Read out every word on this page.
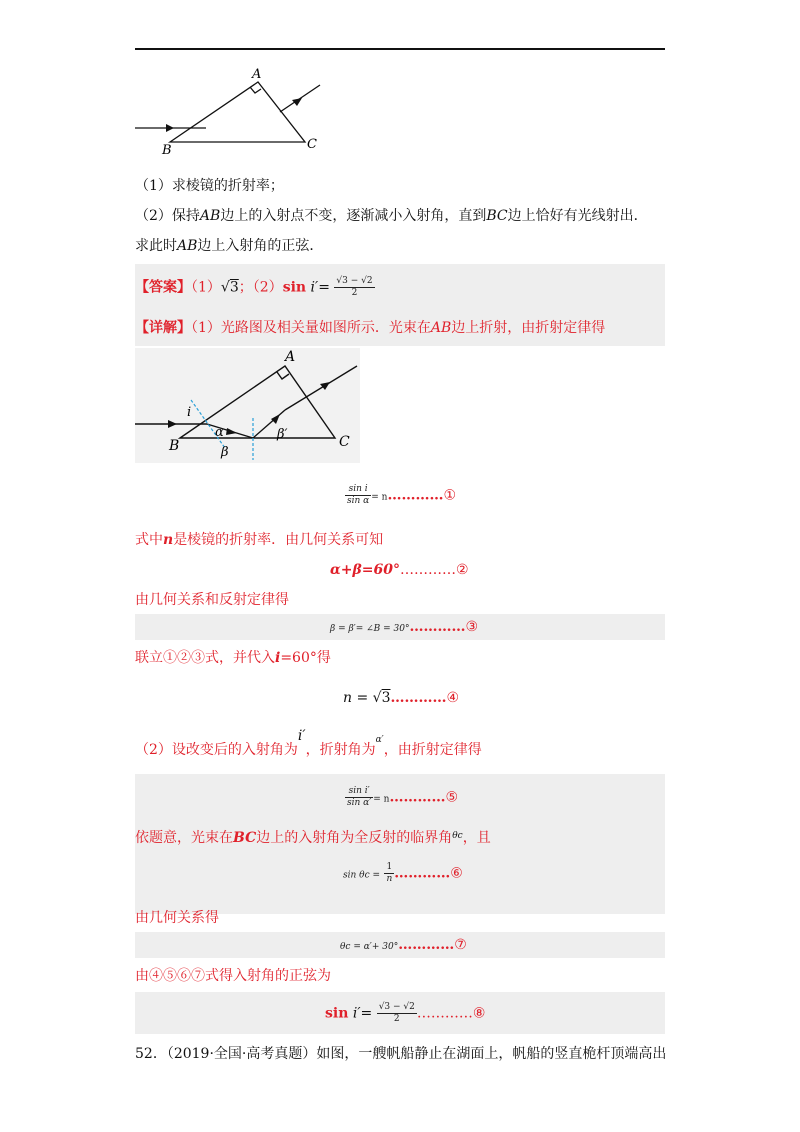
A
B	C
（1）求棱镜的折射率；
（2）保持AB边上的入射点不变，逐渐减小入射角，直到BC边上恰好有光线射出．
求此时AB边上入射角的正弦．
【答案】（1）√3；（2）sin $i'= \frac{√3 - √2}{2}$
【详解】（1）光路图及相关量如图所示．光束在AB边上折射，由折射定律得
A
B	C
i
α
β
β′
$\frac{\text{sin i}}{\text{sin α}}$ = n…………①
式中n是棱镜的折射率．由几何关系可知
α+β=60°…………②
由几何关系和反射定律得
β = β′= ∠B = 30°…………③
联立①②③式，并代入i=60°得
n = √3…………④
（2）设改变后的入射角为i′，折射角为$^{\alpha'}$，由折射定律得
$\frac{\text{sin i′}}{\text{sin α′}}$ = n…………⑤
依题意，光束在BC边上的入射角为全反射的临界角$^{\theta c}$，且
$\sin \theta c = \frac{1}{n}$ …………⑥
由几何关系得
θc = α′+ 30°…………⑦
由④⑤⑥⑦式得入射角的正弦为
$\sin i'= \frac{√3 - √2}{2}$ …………⑧
52．（2019·全国·高考真题）如图，一艘帆船静止在湖面上，帆船的竖直桅杆顶端高出
